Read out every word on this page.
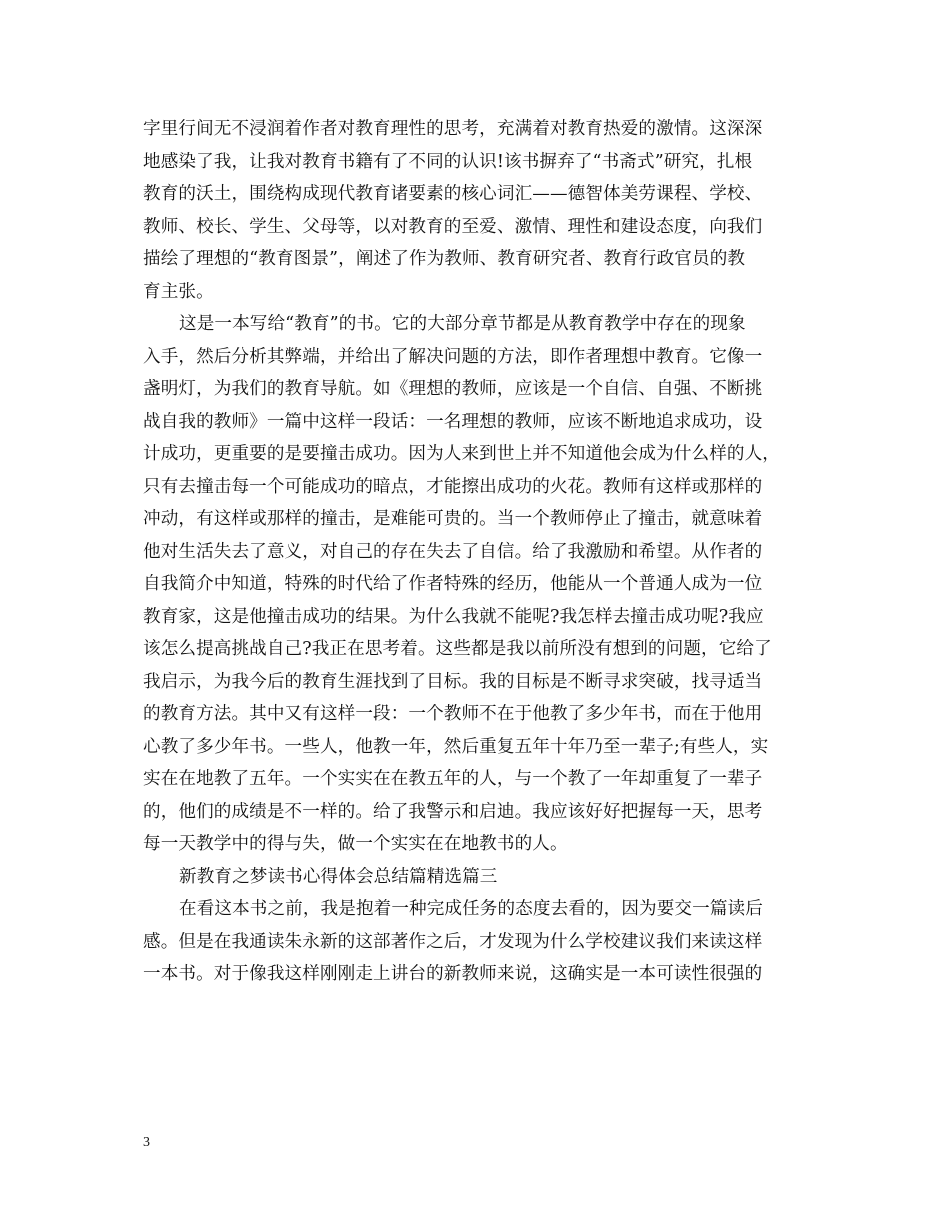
字里行间无不浸润着作者对教育理性的思考，充满着对教育热爱的激情。这深深
地感染了我，让我对教育书籍有了不同的认识!该书摒弃了“书斋式”研究，扎根
教育的沃土，围绕构成现代教育诸要素的核心词汇——德智体美劳课程、学校、
教师、校长、学生、父母等，以对教育的至爱、激情、理性和建设态度，向我们
描绘了理想的“教育图景”，阐述了作为教师、教育研究者、教育行政官员的教
育主张。
这是一本写给“教育”的书。它的大部分章节都是从教育教学中存在的现象
入手，然后分析其弊端，并给出了解决问题的方法，即作者理想中教育。它像一
盏明灯，为我们的教育导航。如《理想的教师，应该是一个自信、自强、不断挑
战自我的教师》一篇中这样一段话：一名理想的教师，应该不断地追求成功，设
计成功，更重要的是要撞击成功。因为人来到世上并不知道他会成为什么样的人，
只有去撞击每一个可能成功的暗点，才能擦出成功的火花。教师有这样或那样的
冲动，有这样或那样的撞击，是难能可贵的。当一个教师停止了撞击，就意味着
他对生活失去了意义，对自己的存在失去了自信。给了我激励和希望。从作者的
自我简介中知道，特殊的时代给了作者特殊的经历，他能从一个普通人成为一位
教育家，这是他撞击成功的结果。为什么我就不能呢?我怎样去撞击成功呢?我应
该怎么提高挑战自己?我正在思考着。这些都是我以前所没有想到的问题，它给了
我启示，为我今后的教育生涯找到了目标。我的目标是不断寻求突破，找寻适当
的教育方法。其中又有这样一段：一个教师不在于他教了多少年书，而在于他用
心教了多少年书。一些人，他教一年，然后重复五年十年乃至一辈子;有些人，实
实在在地教了五年。一个实实在在教五年的人，与一个教了一年却重复了一辈子
的，他们的成绩是不一样的。给了我警示和启迪。我应该好好把握每一天，思考
每一天教学中的得与失，做一个实实在在地教书的人。
新教育之梦读书心得体会总结篇精选篇三
在看这本书之前，我是抱着一种完成任务的态度去看的，因为要交一篇读后
感。但是在我通读朱永新的这部著作之后，才发现为什么学校建议我们来读这样
一本书。对于像我这样刚刚走上讲台的新教师来说，这确实是一本可读性很强的
3
